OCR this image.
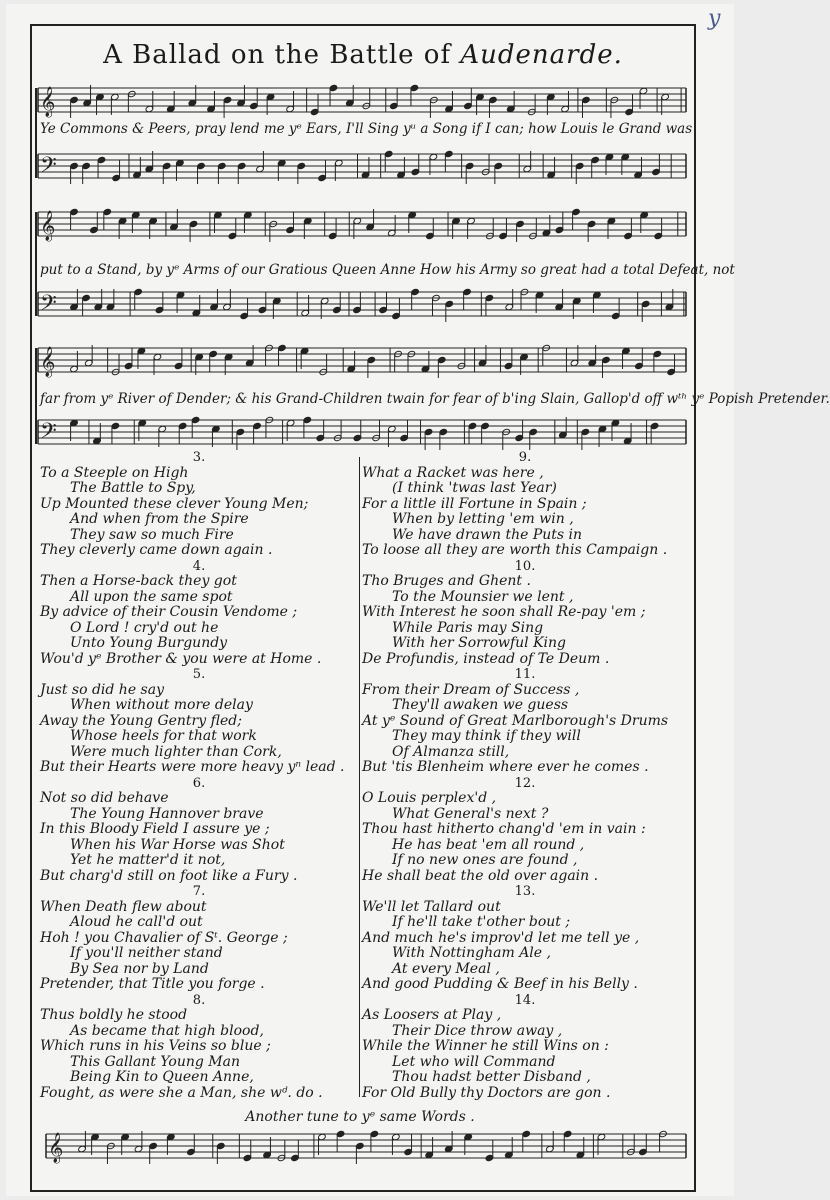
y
A Ballad on the Battle of Audenarde.
𝄞
𝄢
𝄞
𝄢
𝄞
𝄢
𝄞
Ye Commons & Peers, pray lend me yᵉ Ears, I'll Sing yᵘ a Song if I can; how Louis le Grand was
put to a Stand, by yᵉ Arms of our Gratious Queen Anne How his Army so great had a total Defeat, not
far from yᵉ River of Dender; & his Grand-Children twain for fear of b'ing Slain, Gallop'd off wᵗʰ yᵉ Popish Pretender.
3.
To a Steeple on High
The Battle to Spy,
Up Mounted these clever Young Men;
And when from the Spire
They saw so much Fire
They cleverly came down again .
4.
Then a Horse-back they got
All upon the same spot
By advice of their Cousin Vendome ;
O Lord ! cry'd out he
Unto Young Burgundy
Wou'd yᵉ Brother & you were at Home .
5.
Just so did he say
When without more delay
Away the Young Gentry fled;
Whose heels for that work
Were much lighter than Cork,
But their Hearts were more heavy yⁿ lead .
6.
Not so did behave
The Young Hannover brave
In this Bloody Field I assure ye ;
When his War Horse was Shot
Yet he matter'd it not,
But charg'd still on foot like a Fury .
7.
When Death flew about
Aloud he call'd out
Hoh ! you Chavalier of Sᵗ. George ;
If you'll neither stand
By Sea nor by Land
Pretender, that Title you forge .
8.
Thus boldly he stood
As became that high blood,
Which runs in his Veins so blue ;
This Gallant Young Man
Being Kin to Queen Anne,
Fought, as were she a Man, she wᵈ. do .
9.
What a Racket was here ,
(I think 'twas last Year)
For a little ill Fortune in Spain ;
When by letting 'em win ,
We have drawn the Puts in
To loose all they are worth this Campaign .
10.
Tho Bruges and Ghent .
To the Mounsier we lent ,
With Interest he soon shall Re-pay 'em ;
While Paris may Sing
With her Sorrowful King
De Profundis, instead of Te Deum .
11.
From their Dream of Success ,
They'll awaken we guess
At yᵉ Sound of Great Marlborough's Drums
They may think if they will
Of Almanza still,
But 'tis Blenheim where ever he comes .
12.
O Louis perplex'd ,
What General's next ?
Thou hast hitherto chang'd 'em in vain :
He has beat 'em all round ,
If no new ones are found ,
He shall beat the old over again .
13.
We'll let Tallard out
If he'll take t'other bout ;
And much he's improv'd let me tell ye ,
With Nottingham Ale ,
At every Meal ,
And good Pudding & Beef in his Belly .
14.
As Loosers at Play ,
Their Dice throw away ,
While the Winner he still Wins on :
Let who will Command
Thou hadst better Disband ,
For Old Bully thy Doctors are gon .
Another tune to yᵉ same Words .
